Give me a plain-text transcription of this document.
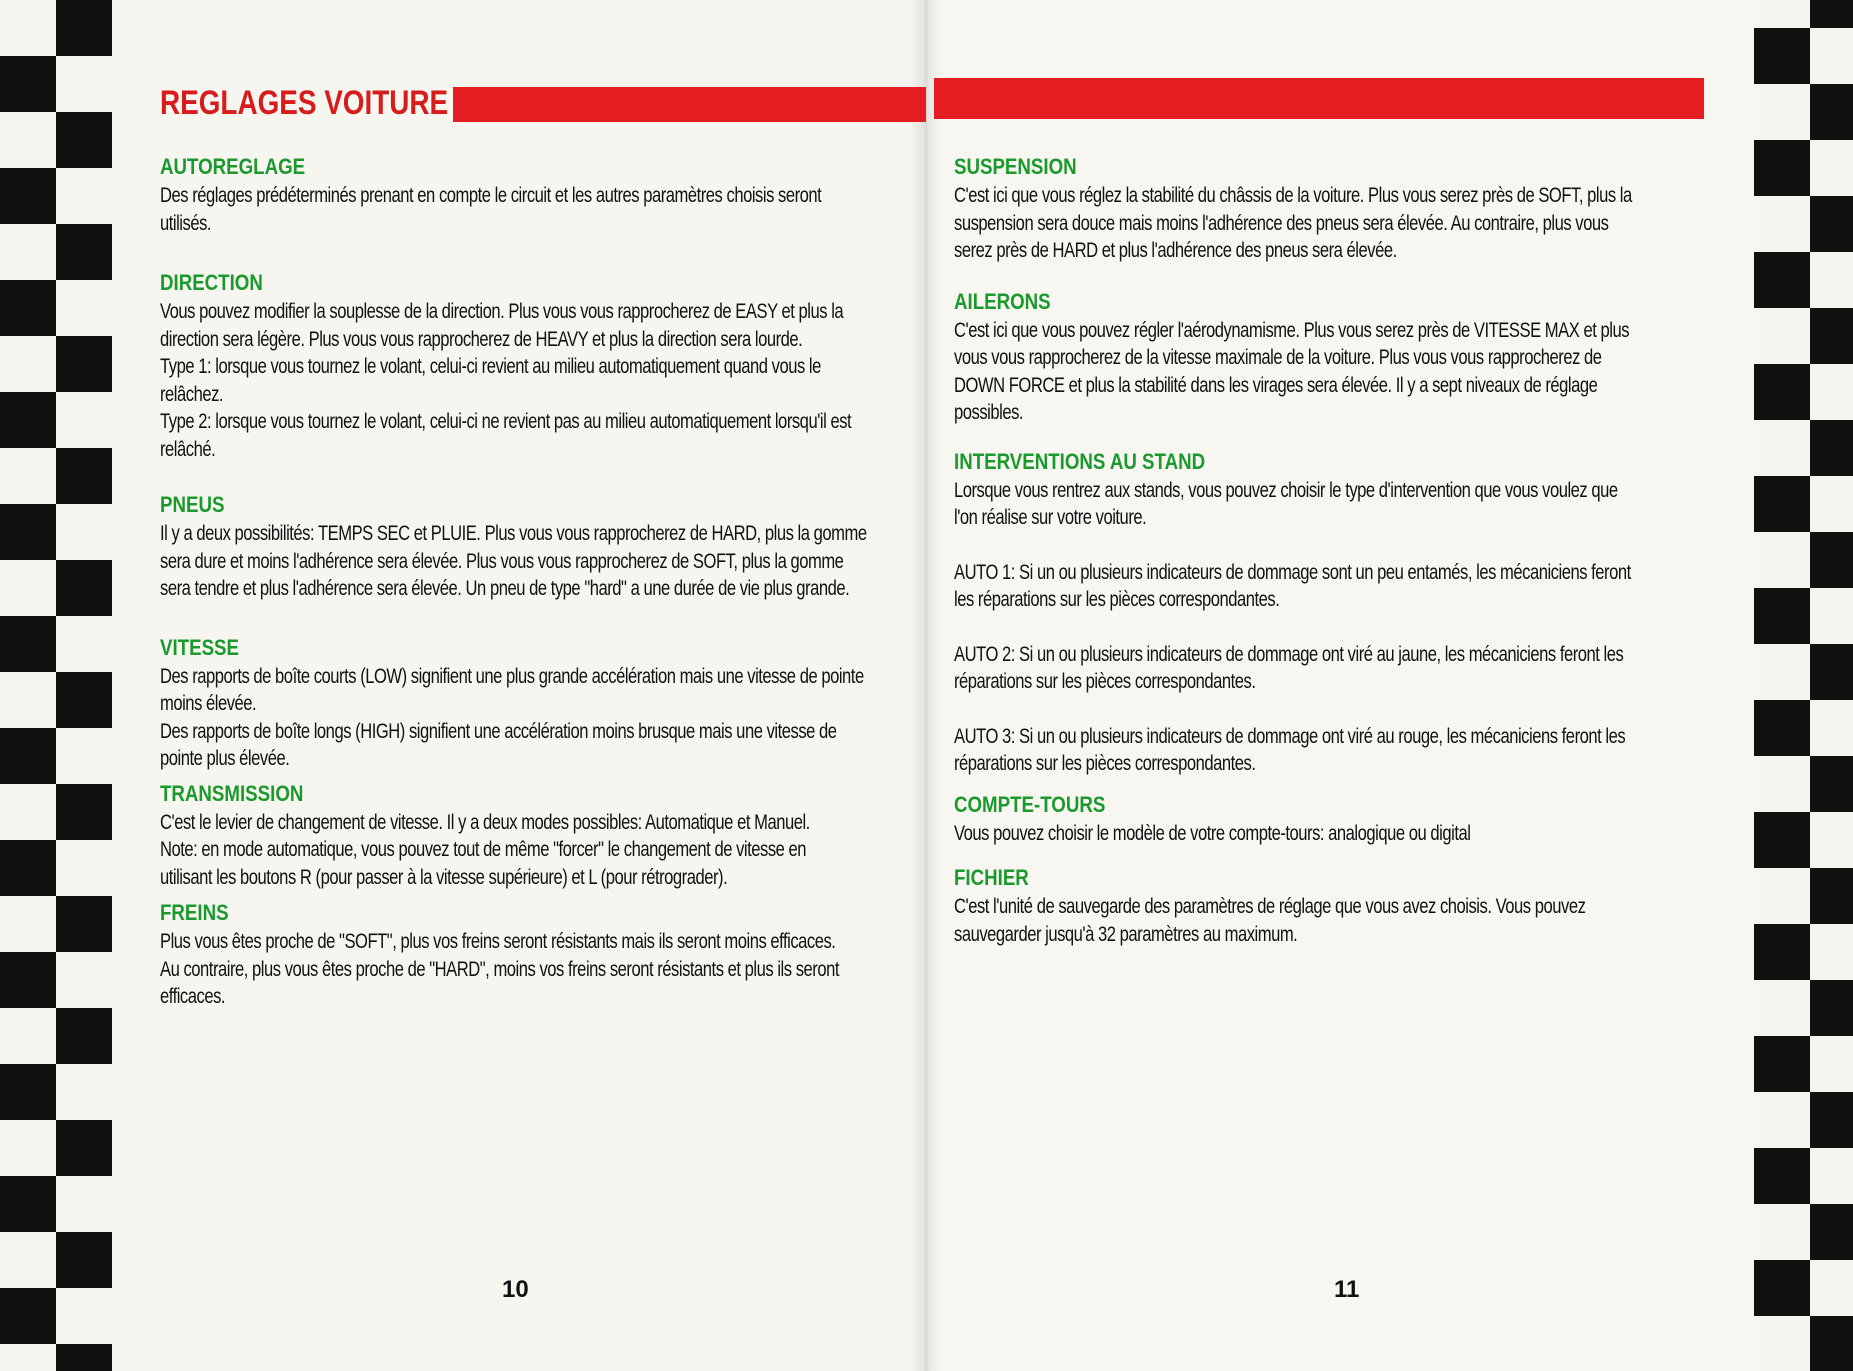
REGLAGES VOITURE
AUTOREGLAGE

Des réglages prédéterminés prenant en compte le circuit et les autres paramètres choisis seront

utilisés.

DIRECTION

Vous pouvez modifier la souplesse de la direction. Plus vous vous rapprocherez de EASY et plus la

direction sera légère. Plus vous vous rapprocherez de HEAVY et plus la direction sera lourde.

Type 1: lorsque vous tournez le volant, celui-ci revient au milieu automatiquement quand vous le

relâchez.

Type 2: lorsque vous tournez le volant, celui-ci ne revient pas au milieu automatiquement lorsqu'il est

relâché.

PNEUS

Il y a deux possibilités: TEMPS SEC et PLUIE. Plus vous vous rapprocherez de HARD, plus la gomme

sera dure et moins l'adhérence sera élevée. Plus vous vous rapprocherez de SOFT, plus la gomme

sera tendre et plus l'adhérence sera élevée. Un pneu de type "hard" a une durée de vie plus grande.

VITESSE

Des rapports de boîte courts (LOW) signifient une plus grande accélération mais une vitesse de pointe

moins élevée.

Des rapports de boîte longs (HIGH) signifient une accélération moins brusque mais une vitesse de

pointe plus élevée.

TRANSMISSION

C'est le levier de changement de vitesse. Il y a deux modes possibles: Automatique et Manuel.

Note: en mode automatique, vous pouvez tout de même "forcer" le changement de vitesse en

utilisant les boutons R (pour passer à la vitesse supérieure) et L (pour rétrograder).

FREINS

Plus vous êtes proche de "SOFT", plus vos freins seront résistants mais ils seront moins efficaces.

Au contraire, plus vous êtes proche de "HARD", moins vos freins seront résistants et plus ils seront

efficaces.

SUSPENSION

C'est ici que vous réglez la stabilité du châssis de la voiture. Plus vous serez près de SOFT, plus la

suspension sera douce mais moins l'adhérence des pneus sera élevée. Au contraire, plus vous

serez près de HARD et plus l'adhérence des pneus sera élevée.

AILERONS

C'est ici que vous pouvez régler l'aérodynamisme. Plus vous serez près de VITESSE MAX et plus

vous vous rapprocherez de la vitesse maximale de la voiture. Plus vous vous rapprocherez de

DOWN FORCE et plus la stabilité dans les virages sera élevée. Il y a sept niveaux de réglage

possibles.

INTERVENTIONS AU STAND

Lorsque vous rentrez aux stands, vous pouvez choisir le type d'intervention que vous voulez que

l'on réalise sur votre voiture.

AUTO 1: Si un ou plusieurs indicateurs de dommage sont un peu entamés, les mécaniciens feront

les réparations sur les pièces correspondantes.

AUTO 2: Si un ou plusieurs indicateurs de dommage ont viré au jaune, les mécaniciens feront les

réparations sur les pièces correspondantes.

AUTO 3: Si un ou plusieurs indicateurs de dommage ont viré au rouge, les mécaniciens feront les

réparations sur les pièces correspondantes.

COMPTE-TOURS

Vous pouvez choisir le modèle de votre compte-tours: analogique ou digital

FICHIER

C'est l'unité de sauvegarde des paramètres de réglage que vous avez choisis. Vous pouvez

sauvegarder jusqu'à 32 paramètres au maximum.

10	11
